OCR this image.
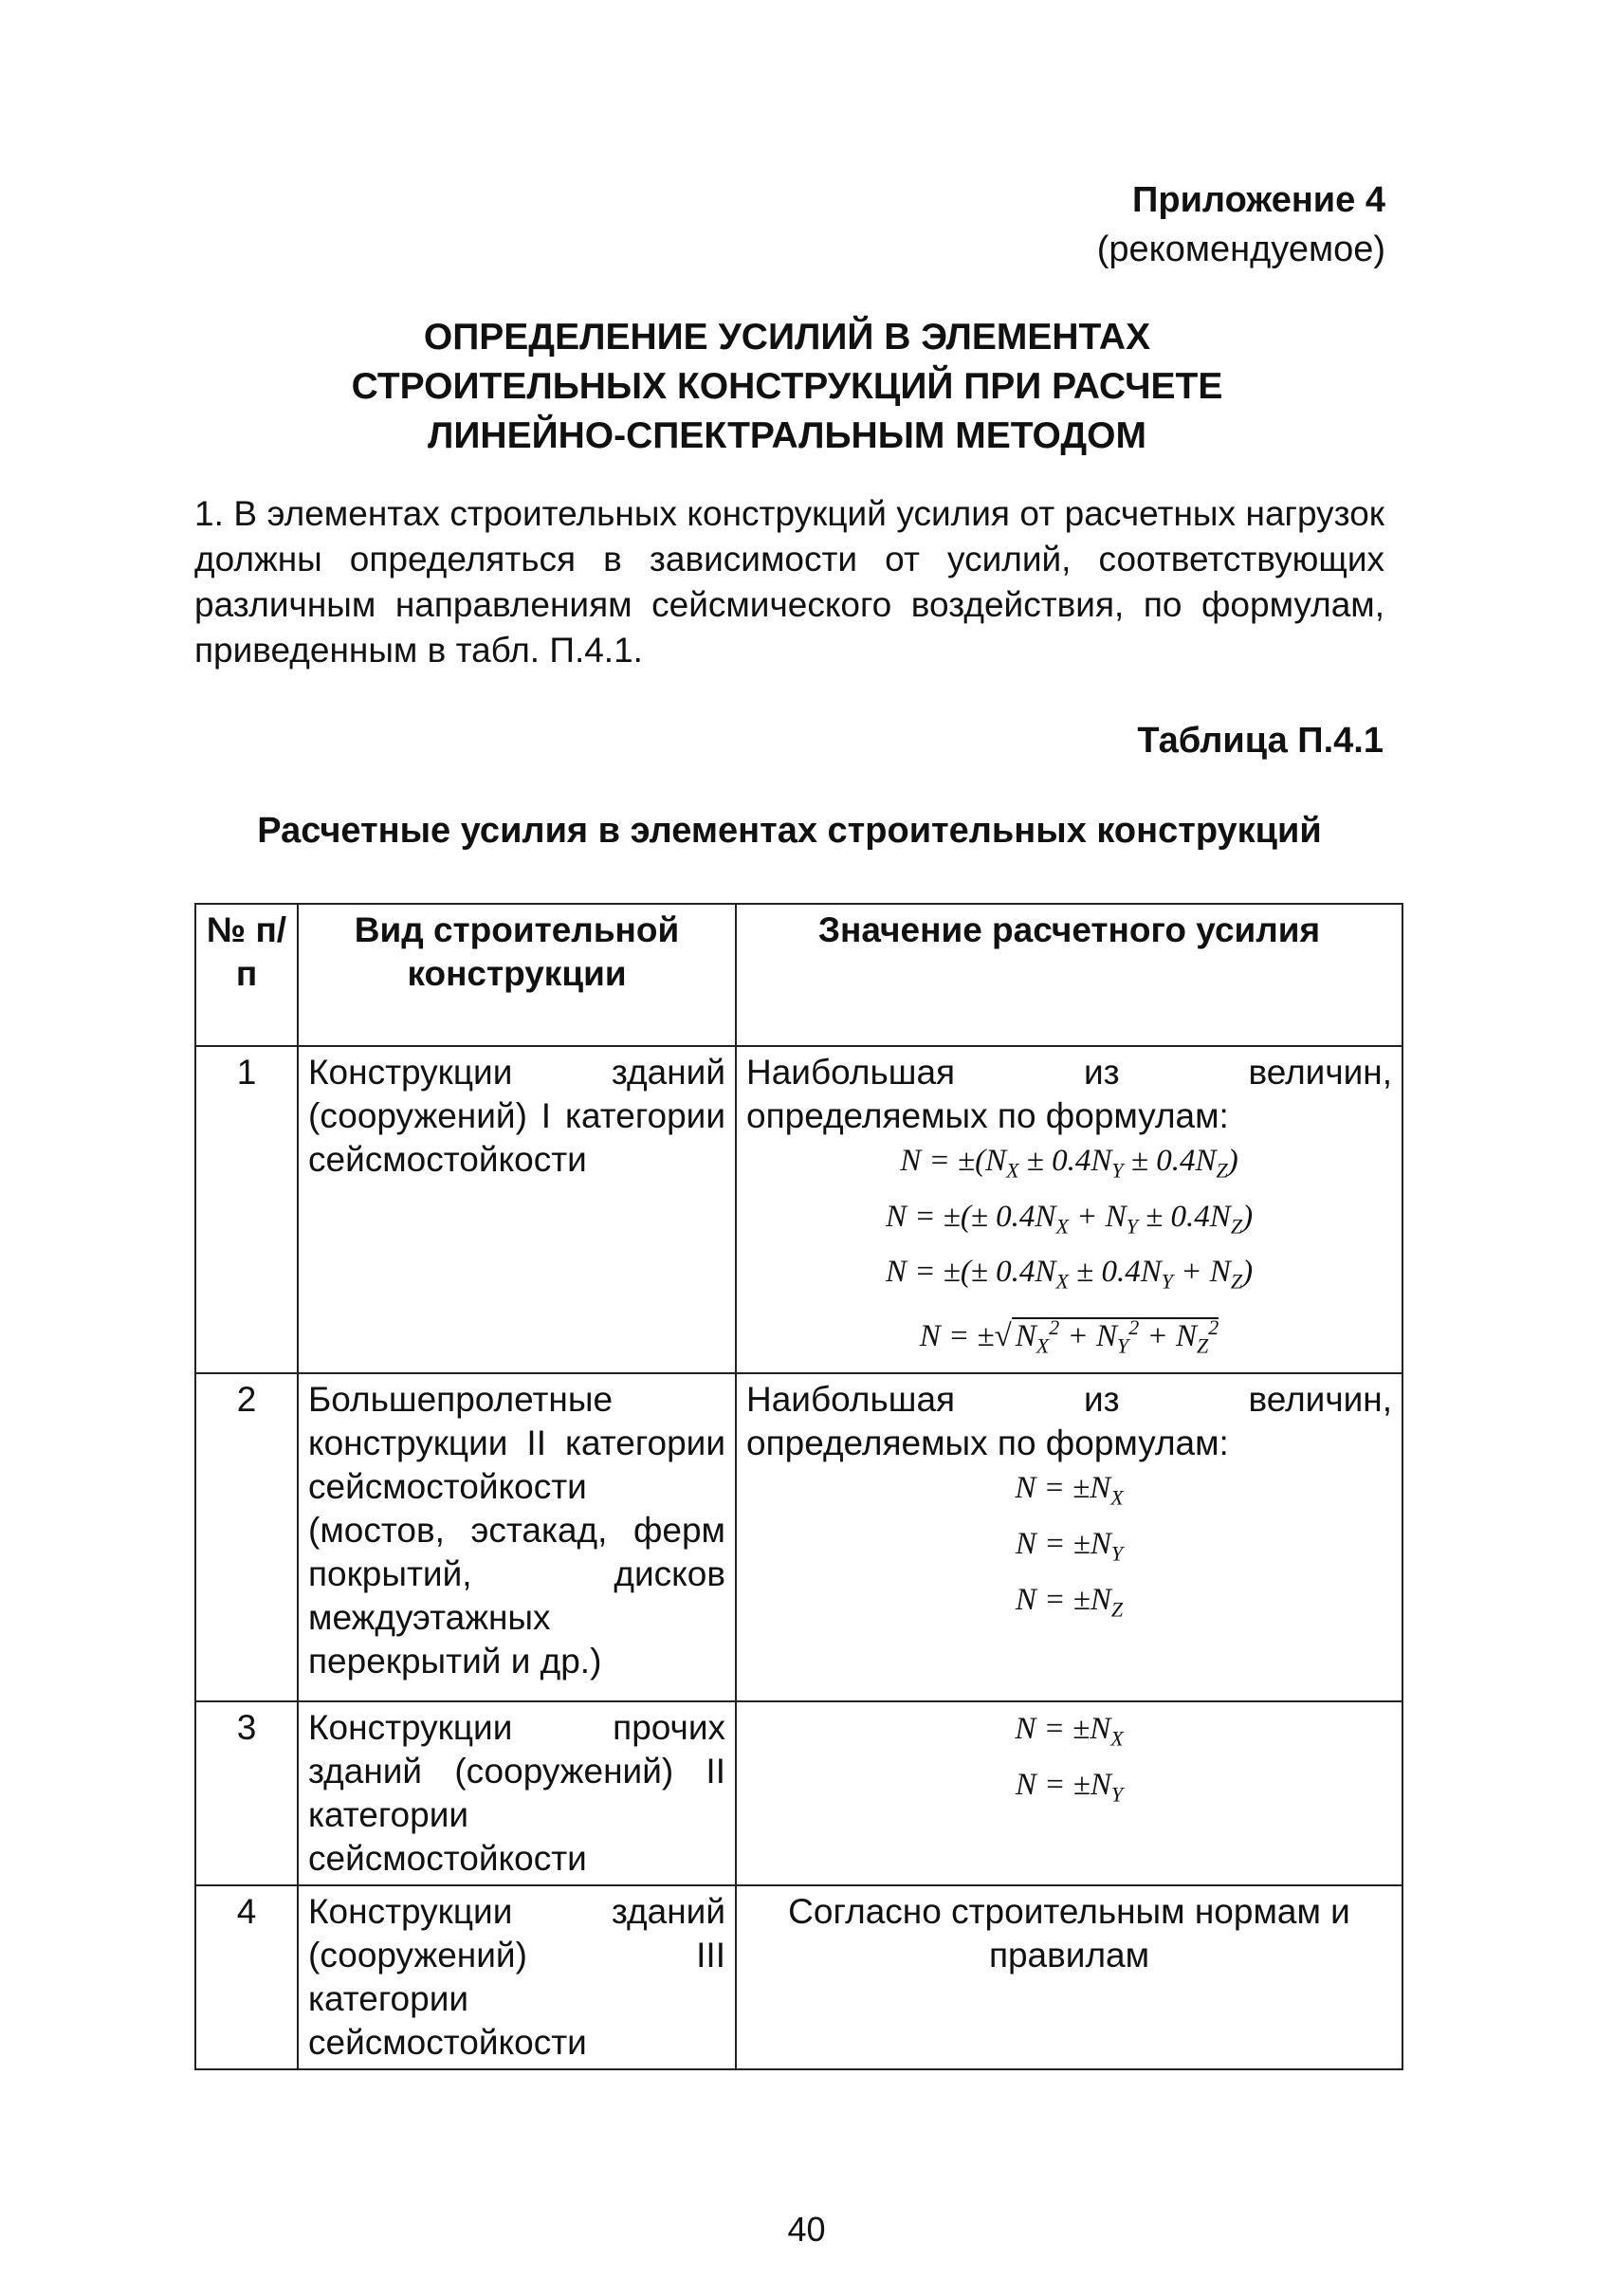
Приложение 4
(рекомендуемое)
ОПРЕДЕЛЕНИЕ УСИЛИЙ В ЭЛЕМЕНТАХ
СТРОИТЕЛЬНЫХ КОНСТРУКЦИЙ ПРИ РАСЧЕТЕ
ЛИНЕЙНО-СПЕКТРАЛЬНЫМ МЕТОДОМ
1. В элементах строительных конструкций усилия от расчетных нагрузок должны определяться в зависимости от усилий, соответствующих различным направлениям сейсмического воздействия, по формулам, приведенным в табл. П.4.1.
Таблица П.4.1
Расчетные усилия в элементах строительных конструкций
№ п/п	Вид строительной конструкции	Значение расчетного усилия
1	Конструкции зданий (сооружений) I категории сейсмостойкости	Наибольшая из величин, определяемых по формулам:
$N = \pm(N_X \pm 0.4N_Y \pm 0.4N_Z)$
N = ±(± $0.4N_X + N_Y \pm 0.4N_Z$)
N = ±(± $0.4N_X \pm 0.4N_Y + N_Z$)
N = ±√ $N_X^2 + N_Y^2 + N_Z^2$

2	Большепролетные конструкции II категории сейсмостойкости (мостов, эстакад, ферм покрытий, дисков междуэтажных перекрытий и др.)	Наибольшая из величин, определяемых по формулам:
$N = \pm N_X$
$N = \pm N_Y$
$N = \pm N_Z$

3	Конструкции прочих зданий (сооружений) II категории сейсмостойкости	$N = \pm N_X$
$N = \pm N_Y$

4	Конструкции зданий (сооружений) III категории сейсмостойкости	Согласно строительным нормам и правилам
40
